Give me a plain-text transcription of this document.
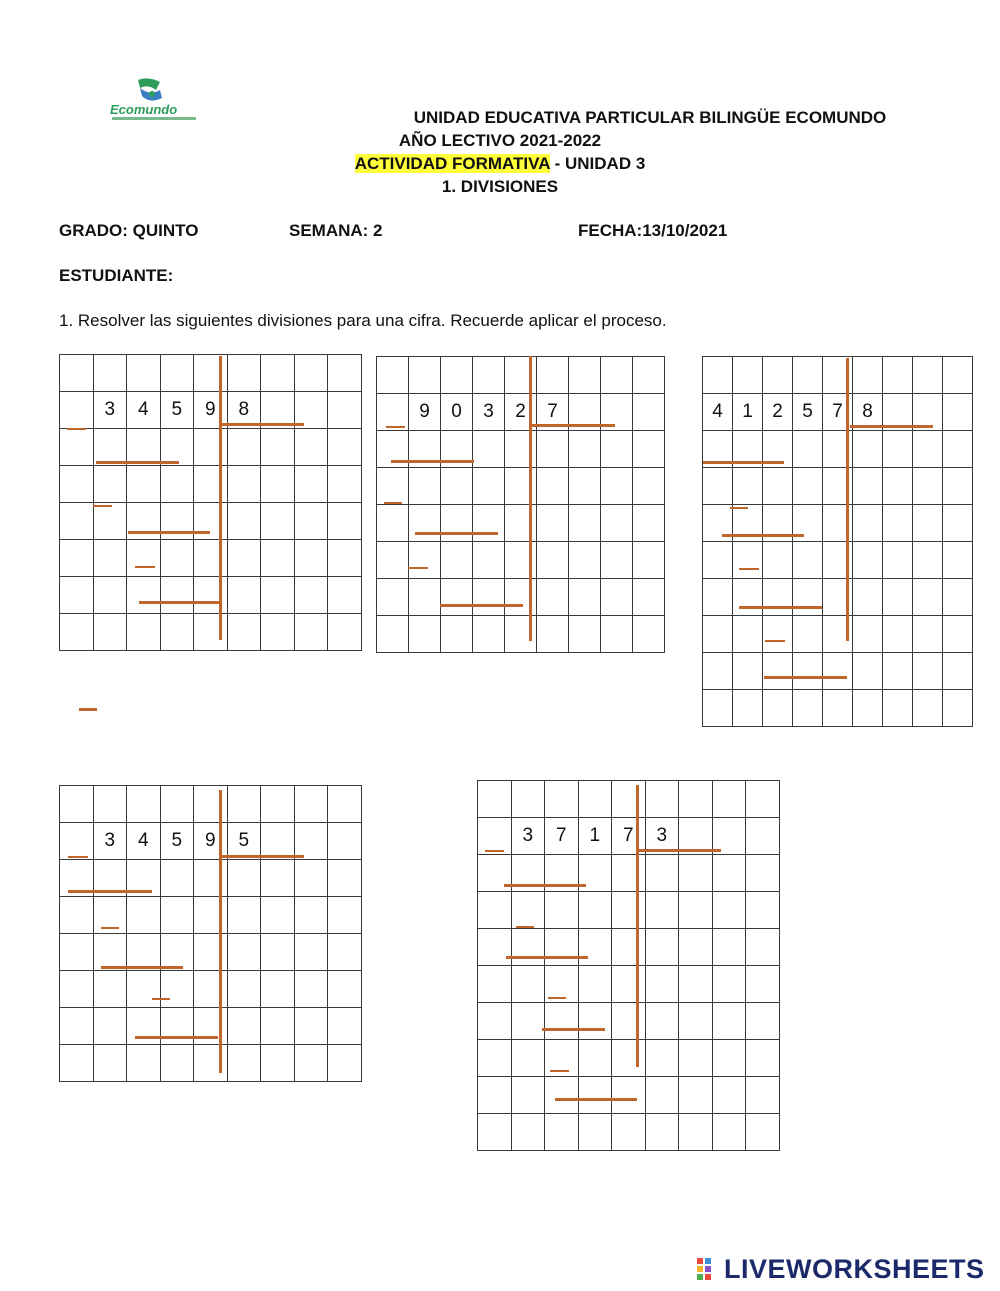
Ecomundo	UNIDAD EDUCATIVA PARTICULAR BILINGÜE ECOMUNDO
AÑO LECTIVO 2021-2022
ACTIVIDAD FORMATIVA - UNIDAD 3
1. DIVISIONES
GRADO: QUINTO	SEMANA: 2	FECHA:13/10/2021
ESTUDIANTE:
1. Resolver las siguientes divisiones para una cifra. Recuerde aplicar el proceso.

	3	4	5	9	8			

		9	0	3	2	7			

									4	1	2	5	7	8			

	3	4	5	9	5			

		3	7	1	7	3			

LIVEWORKSHEETS
